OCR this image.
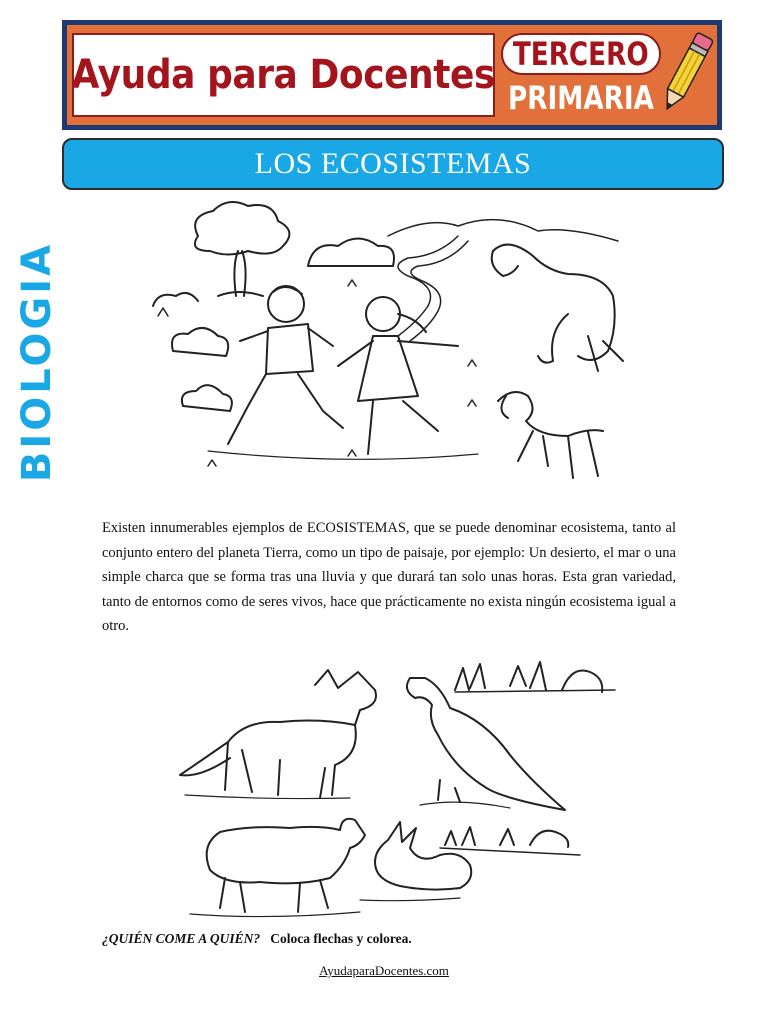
Ayuda para Docentes TERCERO
PRIMARIA
LOS ECOSISTEMAS
BIOLOGIA

Existen innumerables ejemplos de ECOSISTEMAS, que se puede denominar ecosistema, tanto al conjunto entero del planeta Tierra, como un tipo de paisaje, por ejemplo: Un desierto, el mar o una simple charca que se forma tras una lluvia y que durará tan solo unas horas. Esta gran variedad, tanto de entornos como de seres vivos, hace que prácticamente no exista ningún ecosistema igual a otro.

¿QUIÉN COME A QUIÉN? Coloca flechas y colorea.

AyudaparaDocentes.com
